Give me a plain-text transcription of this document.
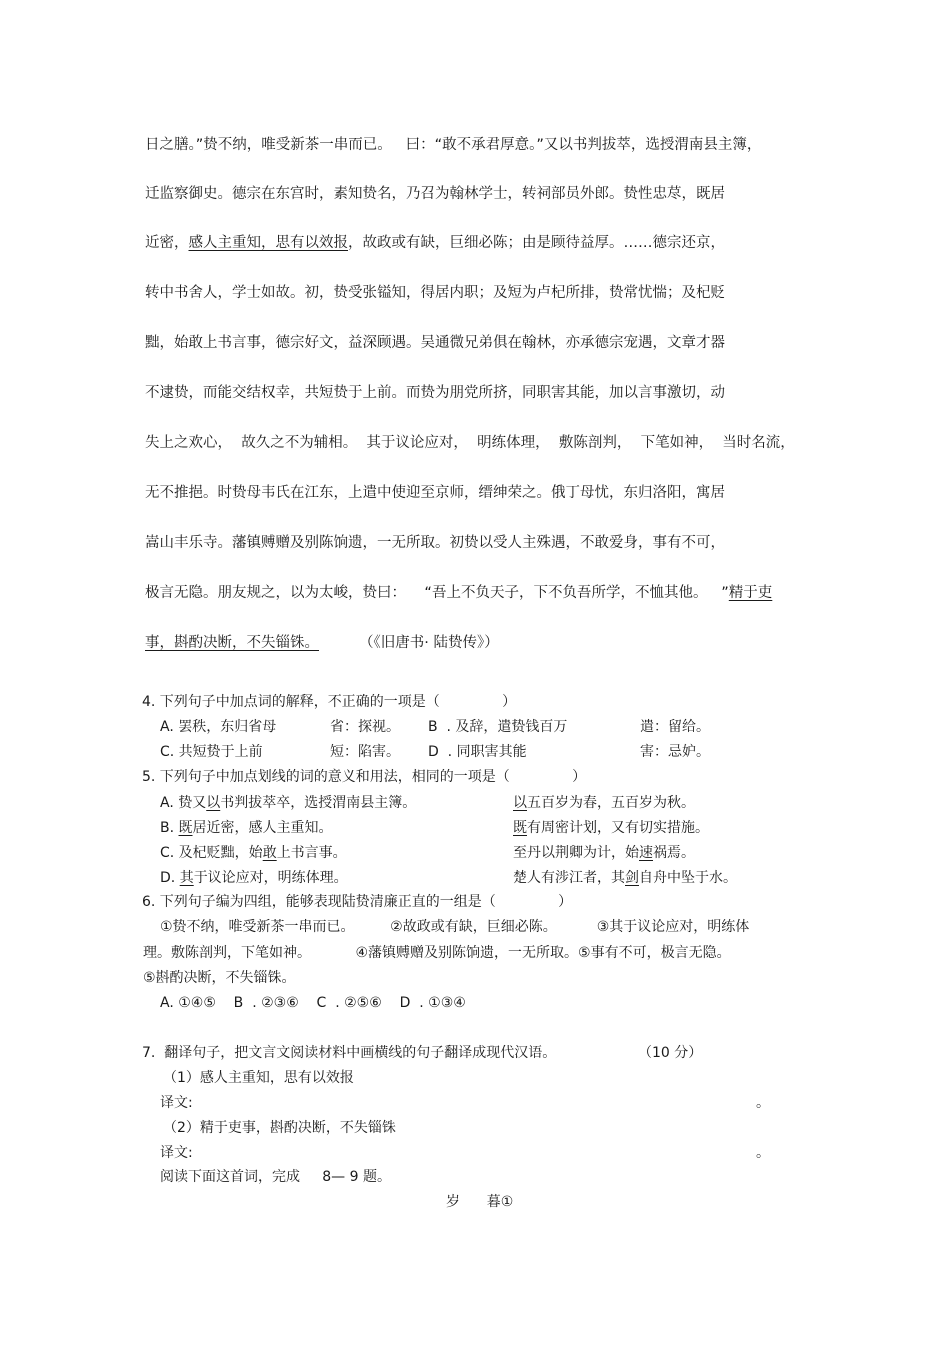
日之膳。”贽不纳，唯受新茶一串而已。   曰：“敢不承君厚意。”又以书判拔萃，选授渭南县主簿，
迁监察御史。德宗在东宫时，素知贽名，乃召为翰林学士，转祠部员外郎。贽性忠荩，既居
近密，感人主重知，思有以效报，故政或有缺，巨细必陈；由是顾待益厚。……德宗还京，
转中书舍人，学士如故。初，贽受张镒知，得居内职；及短为卢杞所排，贽常忧惴；及杞贬
黜，始敢上书言事，德宗好文，益深顾遇。吴通微兄弟俱在翰林，亦承德宗宠遇，文章才器
不逮贽，而能交结权幸，共短贽于上前。而贽为朋党所挤，同职害其能，加以言事激切，动
失上之欢心，  故久之不为辅相。  其于议论应对，  明练体理，  敷陈剖判，  下笔如神，  当时名流，
无不推挹。时贽母韦氏在江东，上遣中使迎至京师，缙绅荣之。俄丁母忧，东归洛阳，寓居
嵩山丰乐寺。藩镇赙赠及别陈饷遗，一无所取。初贽以受人主殊遇，不敢爱身，事有不可，
极言无隐。朋友规之，以为太峻，贽曰：    “吾上不负天子，下不负吾所学，不恤其他。   ”精于吏
事，斟酌决断，不失锱铢。	（《旧唐书· 陆贽传》）
4. 下列句子中加点词的解释，不正确的一项是（              ）
A. 罢秩，东归省母	省：探视。 B  . 及辞，遣贽钱百万	遣：留给。
C. 共短贽于上前	短：陷害。 D  . 同职害其能	害：忌妒。
5. 下列句子中加点划线的词的意义和用法，相同的一项是（              ）
A. 贽又以书判拔萃卒，选授渭南县主簿。	以五百岁为春，五百岁为秋。
B. 既居近密，感人主重知。	既有周密计划，又有切实措施。
C. 及杞贬黜，始敢上书言事。	至丹以荆卿为计，始速祸焉。
D. 其于议论应对，明练体理。	楚人有涉江者，其剑自舟中坠于水。
6. 下列句子编为四组，能够表现陆贽清廉正直的一组是（              ）
①贽不纳，唯受新茶一串而已。        ②故政或有缺，巨细必陈。         ③其于议论应对，明练体
理。敷陈剖判，下笔如神。          ④藩镇赙赠及别陈饷遗，一无所取。⑤事有不可，极言无隐。
⑤斟酌决断，不失锱铢。
A. ①④⑤    B  . ②③⑥    C  . ②⑤⑥    D  . ①③④
7.  翻译句子，把文言文阅读材料中画横线的句子翻译成现代汉语。	（10 分）
（1）感人主重知，思有以效报
译文:	。
（2）精于吏事，斟酌决断，不失锱铢
译文:	。
阅读下面这首词，完成     8— 9 题。
岁      暮①
